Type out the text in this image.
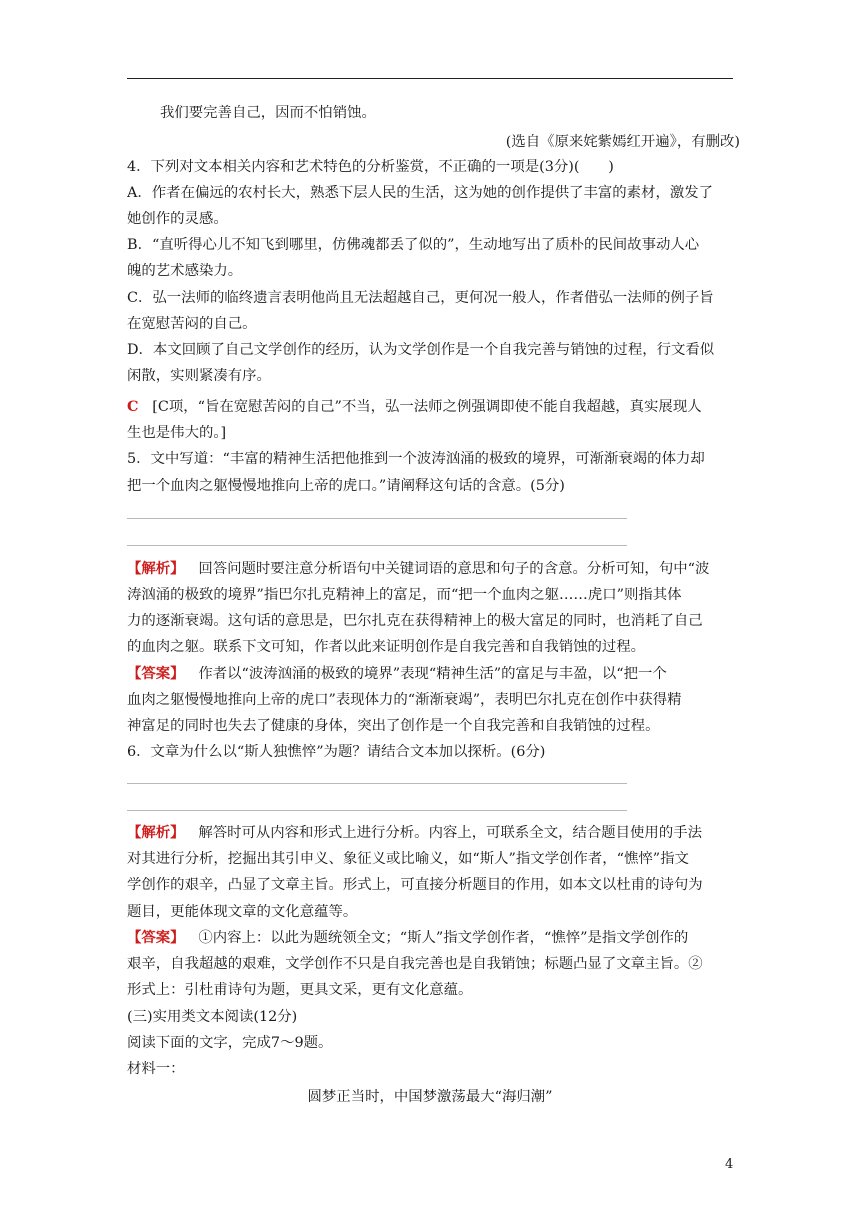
我们要完善自己，因而不怕销蚀。
(选自《原来姹紫嫣红开遍》，有删改)
4．下列对文本相关内容和艺术特色的分析鉴赏，不正确的一项是(3分)(　　)
A．作者在偏远的农村长大，熟悉下层人民的生活，这为她的创作提供了丰富的素材，激发了
她创作的灵感。
B．“直听得心儿不知飞到哪里，仿佛魂都丢了似的”，生动地写出了质朴的民间故事动人心
魄的艺术感染力。
C．弘一法师的临终遗言表明他尚且无法超越自己，更何况一般人，作者借弘一法师的例子旨
在宽慰苦闷的自己。
D．本文回顾了自己文学创作的经历，认为文学创作是一个自我完善与销蚀的过程，行文看似
闲散，实则紧凑有序。
C [C项，“旨在宽慰苦闷的自己”不当，弘一法师之例强调即使不能自我超越，真实展现人
生也是伟大的。]
5．文中写道：“丰富的精神生活把他推到一个波涛汹涌的极致的境界，可渐渐衰竭的体力却
把一个血肉之躯慢慢地推向上帝的虎口。”请阐释这句话的含意。(5分)
【解析】 回答问题时要注意分析语句中关键词语的意思和句子的含意。分析可知，句中“波
涛汹涌的极致的境界”指巴尔扎克精神上的富足，而“把一个血肉之躯……虎口”则指其体
力的逐渐衰竭。这句话的意思是，巴尔扎克在获得精神上的极大富足的同时，也消耗了自己
的血肉之躯。联系下文可知，作者以此来证明创作是自我完善和自我销蚀的过程。
【答案】 作者以“波涛汹涌的极致的境界”表现“精神生活”的富足与丰盈，以“把一个
血肉之躯慢慢地推向上帝的虎口”表现体力的“渐渐衰竭”，表明巴尔扎克在创作中获得精
神富足的同时也失去了健康的身体，突出了创作是一个自我完善和自我销蚀的过程。
6．文章为什么以“斯人独憔悴”为题？请结合文本加以探析。(6分)
【解析】 解答时可从内容和形式上进行分析。内容上，可联系全文，结合题目使用的手法
对其进行分析，挖掘出其引申义、象征义或比喻义，如“斯人”指文学创作者，“憔悴”指文
学创作的艰辛，凸显了文章主旨。形式上，可直接分析题目的作用，如本文以杜甫的诗句为
题目，更能体现文章的文化意蕴等。
【答案】 ①内容上：以此为题统领全文；“斯人”指文学创作者，“憔悴”是指文学创作的
艰辛，自我超越的艰难，文学创作不只是自我完善也是自我销蚀；标题凸显了文章主旨。②
形式上：引杜甫诗句为题，更具文采，更有文化意蕴。
(三)实用类文本阅读(12分)
阅读下面的文字，完成7～9题。
材料一：
圆梦正当时，中国梦激荡最大“海归潮”
4
